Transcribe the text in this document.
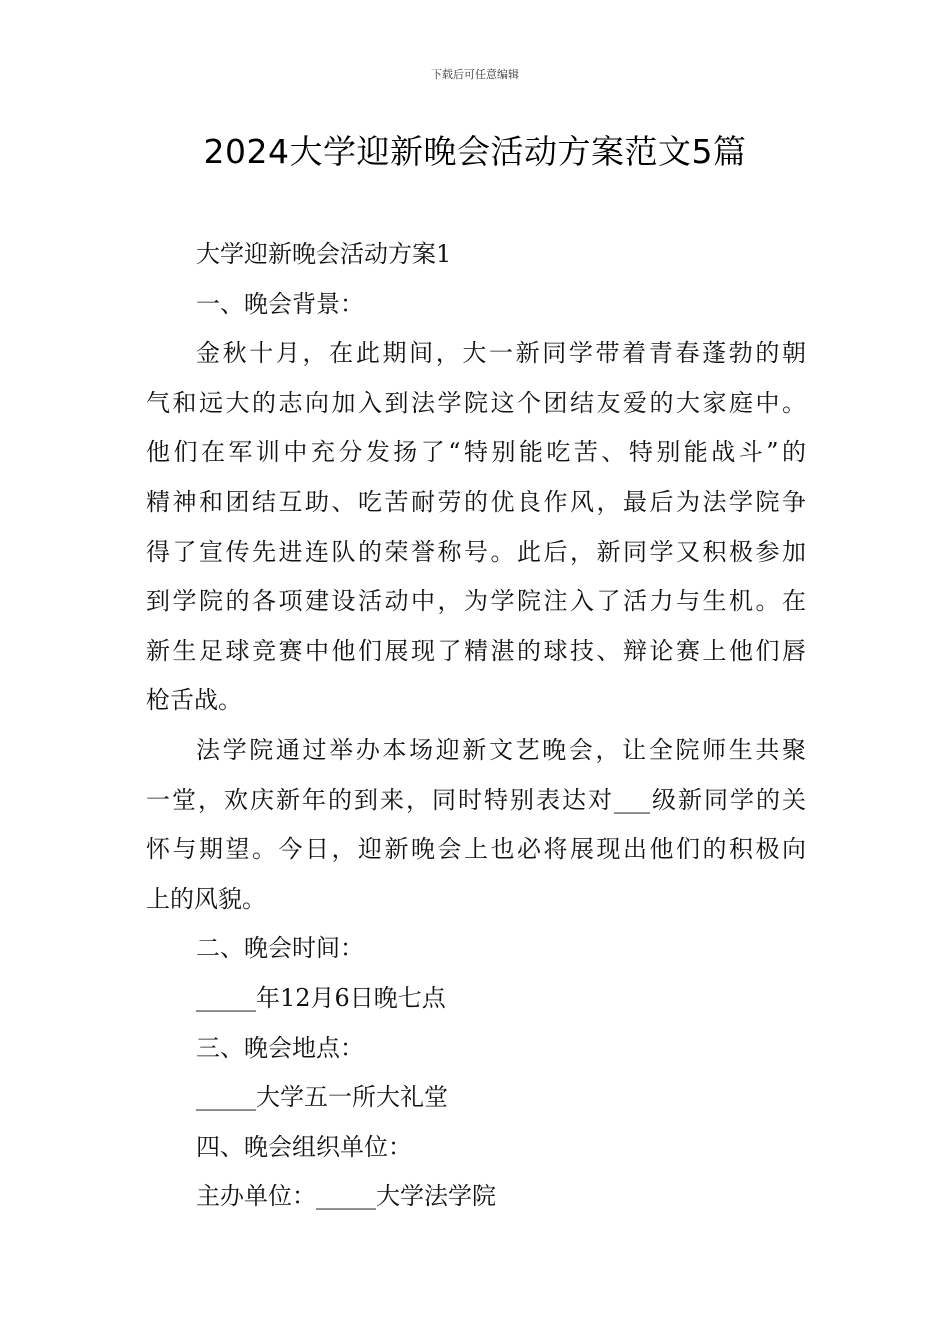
下载后可任意编辑
2024大学迎新晚会活动方案范文5篇
大学迎新晚会活动方案1
一、晚会背景：
金秋十月，在此期间，大一新同学带着青春蓬勃的朝
气和远大的志向加入到法学院这个团结友爱的大家庭中。
他们在军训中充分发扬了“特别能吃苦、特别能战斗”的
精神和团结互助、吃苦耐劳的优良作风，最后为法学院争
得了宣传先进连队的荣誉称号。此后，新同学又积极参加
到学院的各项建设活动中，为学院注入了活力与生机。在
新生足球竞赛中他们展现了精湛的球技、辩论赛上他们唇
枪舌战。
法学院通过举办本场迎新文艺晚会，让全院师生共聚
一堂，欢庆新年的到来，同时特别表达对___级新同学的关
怀与期望。今日，迎新晚会上也必将展现出他们的积极向
上的风貌。
二、晚会时间：
_____年12月6日晚七点
三、晚会地点：
_____大学五一所大礼堂
四、晚会组织单位：
主办单位：_____大学法学院
